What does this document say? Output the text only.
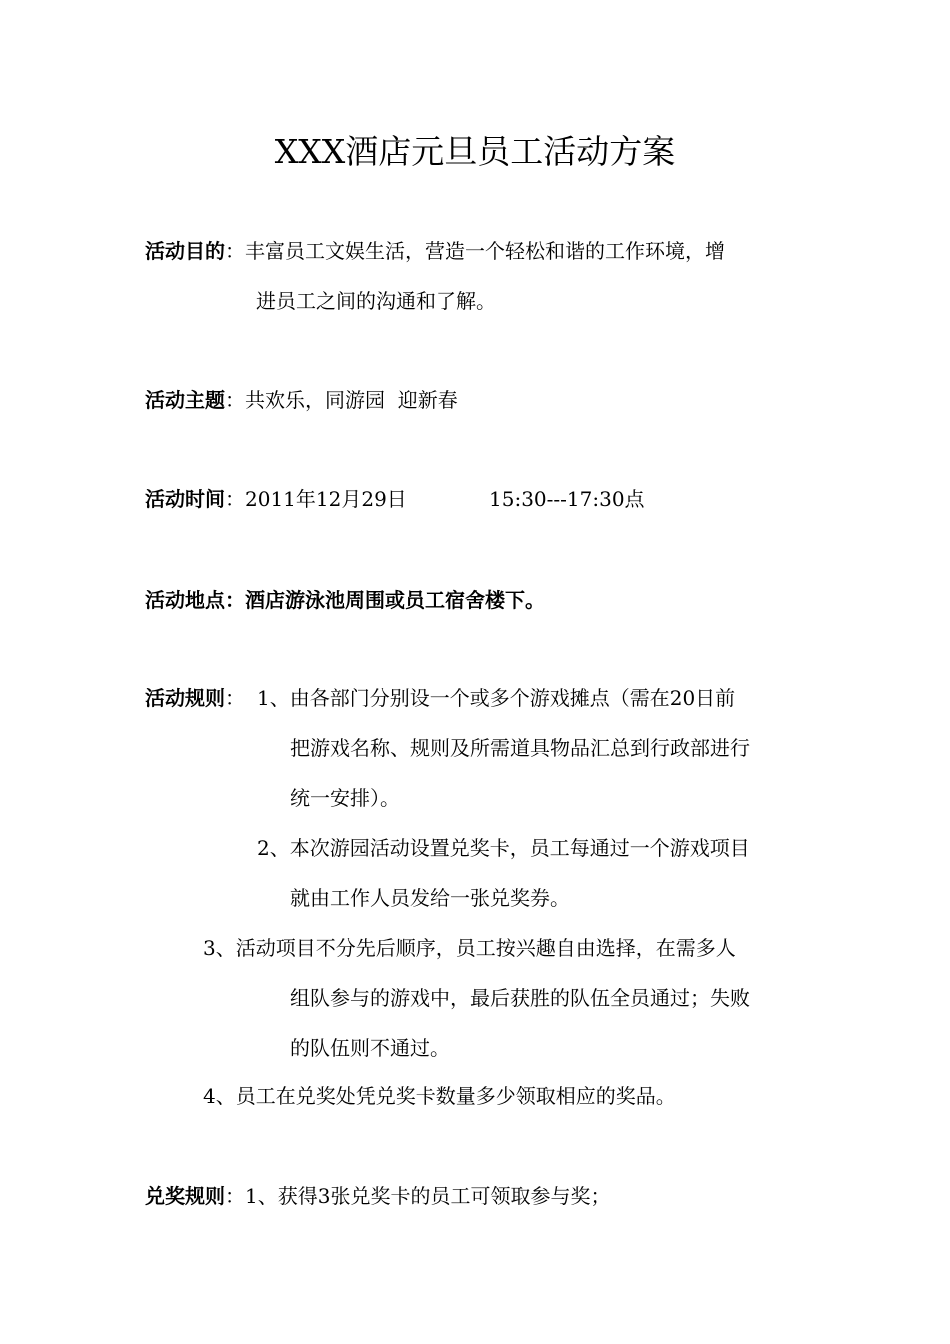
XXX酒店元旦员工活动方案
活动目的：丰富员工文娱生活，营造一个轻松和谐的工作环境，增
进员工之间的沟通和了解。
活动主题：共欢乐，同游园  迎新春
活动时间：2011年12月29日	15:30---17:30点
活动地点：酒店游泳池周围或员工宿舍楼下。
活动规则： 1、由各部门分别设一个或多个游戏摊点（需在20日前
把游戏名称、规则及所需道具物品汇总到行政部进行
统一安排）。
2、本次游园活动设置兑奖卡，员工每通过一个游戏项目
就由工作人员发给一张兑奖券。
3、活动项目不分先后顺序，员工按兴趣自由选择，在需多人
组队参与的游戏中，最后获胜的队伍全员通过；失败
的队伍则不通过。
4、员工在兑奖处凭兑奖卡数量多少领取相应的奖品。
兑奖规则：1、获得3张兑奖卡的员工可领取参与奖；
